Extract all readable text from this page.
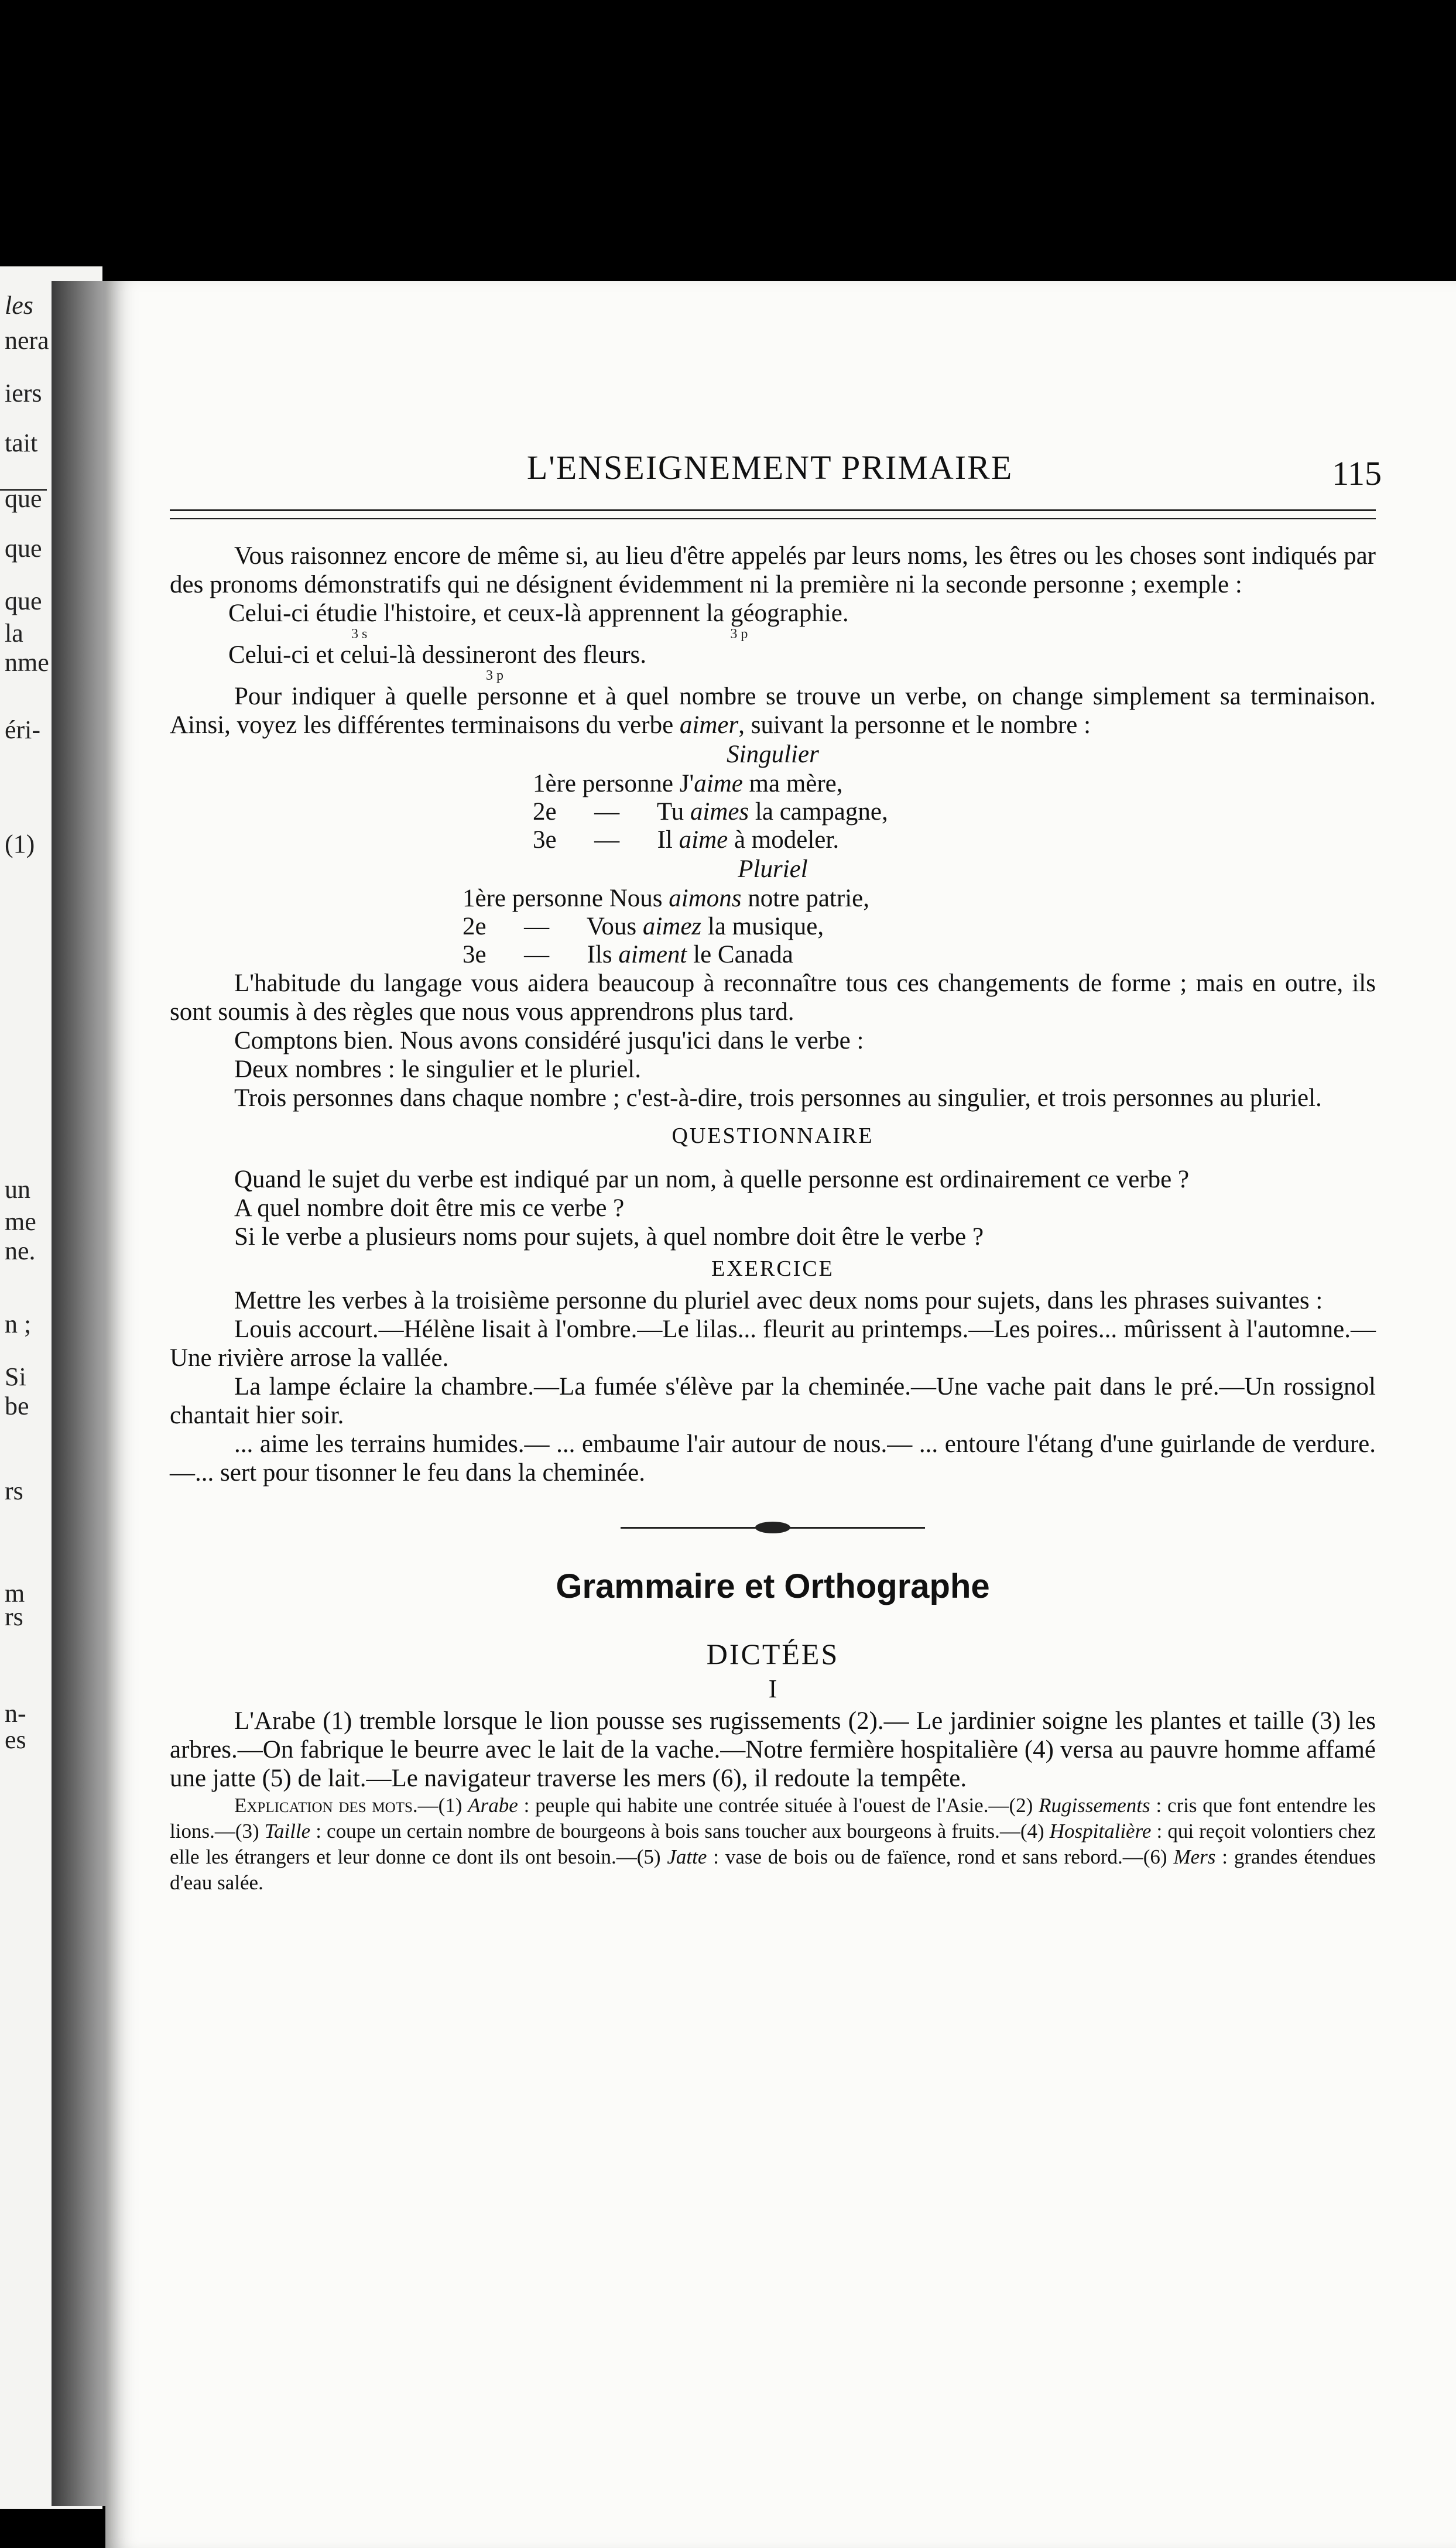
les
nera
iers
tait
que
que
que
la
nme
éri-
(1)
un
me
ne.
n ;
Si
be
rs
m
rs
n-
es
L'ENSEIGNEMENT PRIMAIRE	115

Vous raisonnez encore de même si, au lieu d'être appelés par leurs noms, les êtres ou les choses sont indiqués par des pronoms démonstratifs qui ne désignent évidemment ni la première ni la seconde personne ; exemple :

Celui-ci étudie l'histoire, et ceux-là apprennent la géographie.

3 s	3 p

Celui-ci et celui-là dessineront des fleurs.

3 p

Pour indiquer à quelle personne et à quel nombre se trouve un verbe, on change simplement sa terminaison. Ainsi, voyez les différentes terminaisons du verbe aimer, suivant la personne et le nombre :

Singulier
1ère personne J'aime ma mère,
2e      —      Tu aimes la campagne,
3e      —      Il aime à modeler.
Pluriel
1ère personne Nous aimons notre patrie,
2e      —      Vous aimez la musique,
3e      —      Ils aiment le Canada

L'habitude du langage vous aidera beaucoup à reconnaître tous ces changements de forme ; mais en outre, ils sont soumis à des règles que nous vous apprendrons plus tard.

Comptons bien. Nous avons considéré jusqu'ici dans le verbe :

Deux nombres : le singulier et le pluriel.

Trois personnes dans chaque nombre ; c'est-à-dire, trois personnes au singulier, et trois personnes au pluriel.

QUESTIONNAIRE

Quand le sujet du verbe est indiqué par un nom, à quelle personne est ordinairement ce verbe ?

A quel nombre doit être mis ce verbe ?

Si le verbe a plusieurs noms pour sujets, à quel nombre doit être le verbe ?

EXERCICE

Mettre les verbes à la troisième personne du pluriel avec deux noms pour sujets, dans les phrases suivantes :

Louis accourt.—Hélène lisait à l'ombre.—Le lilas... fleurit au printemps.—Les poires... mûrissent à l'automne.—Une rivière arrose la vallée.

La lampe éclaire la chambre.—La fumée s'élève par la cheminée.—Une vache pait dans le pré.—Un rossignol chantait hier soir.

... aime les terrains humides.— ... embaume l'air autour de nous.— ... entoure l'étang d'une guirlande de verdure.—... sert pour tisonner le feu dans la cheminée.

Grammaire et Orthographe
DICTÉES
I

L'Arabe (1) tremble lorsque le lion pousse ses rugissements (2).— Le jardinier soigne les plantes et taille (3) les arbres.—On fabrique le beurre avec le lait de la vache.—Notre fermière hospitalière (4) versa au pauvre homme affamé une jatte (5) de lait.—Le navigateur traverse les mers (6), il redoute la tempête.

Explication des mots.—(1) Arabe : peuple qui habite une contrée située à l'ouest de l'Asie.—(2) Rugissements : cris que font entendre les lions.—(3) Taille : coupe un certain nombre de bourgeons à bois sans toucher aux bourgeons à fruits.—(4) Hospitalière : qui reçoit volontiers chez elle les étrangers et leur donne ce dont ils ont besoin.—(5) Jatte : vase de bois ou de faïence, rond et sans rebord.—(6) Mers : grandes étendues d'eau salée.
